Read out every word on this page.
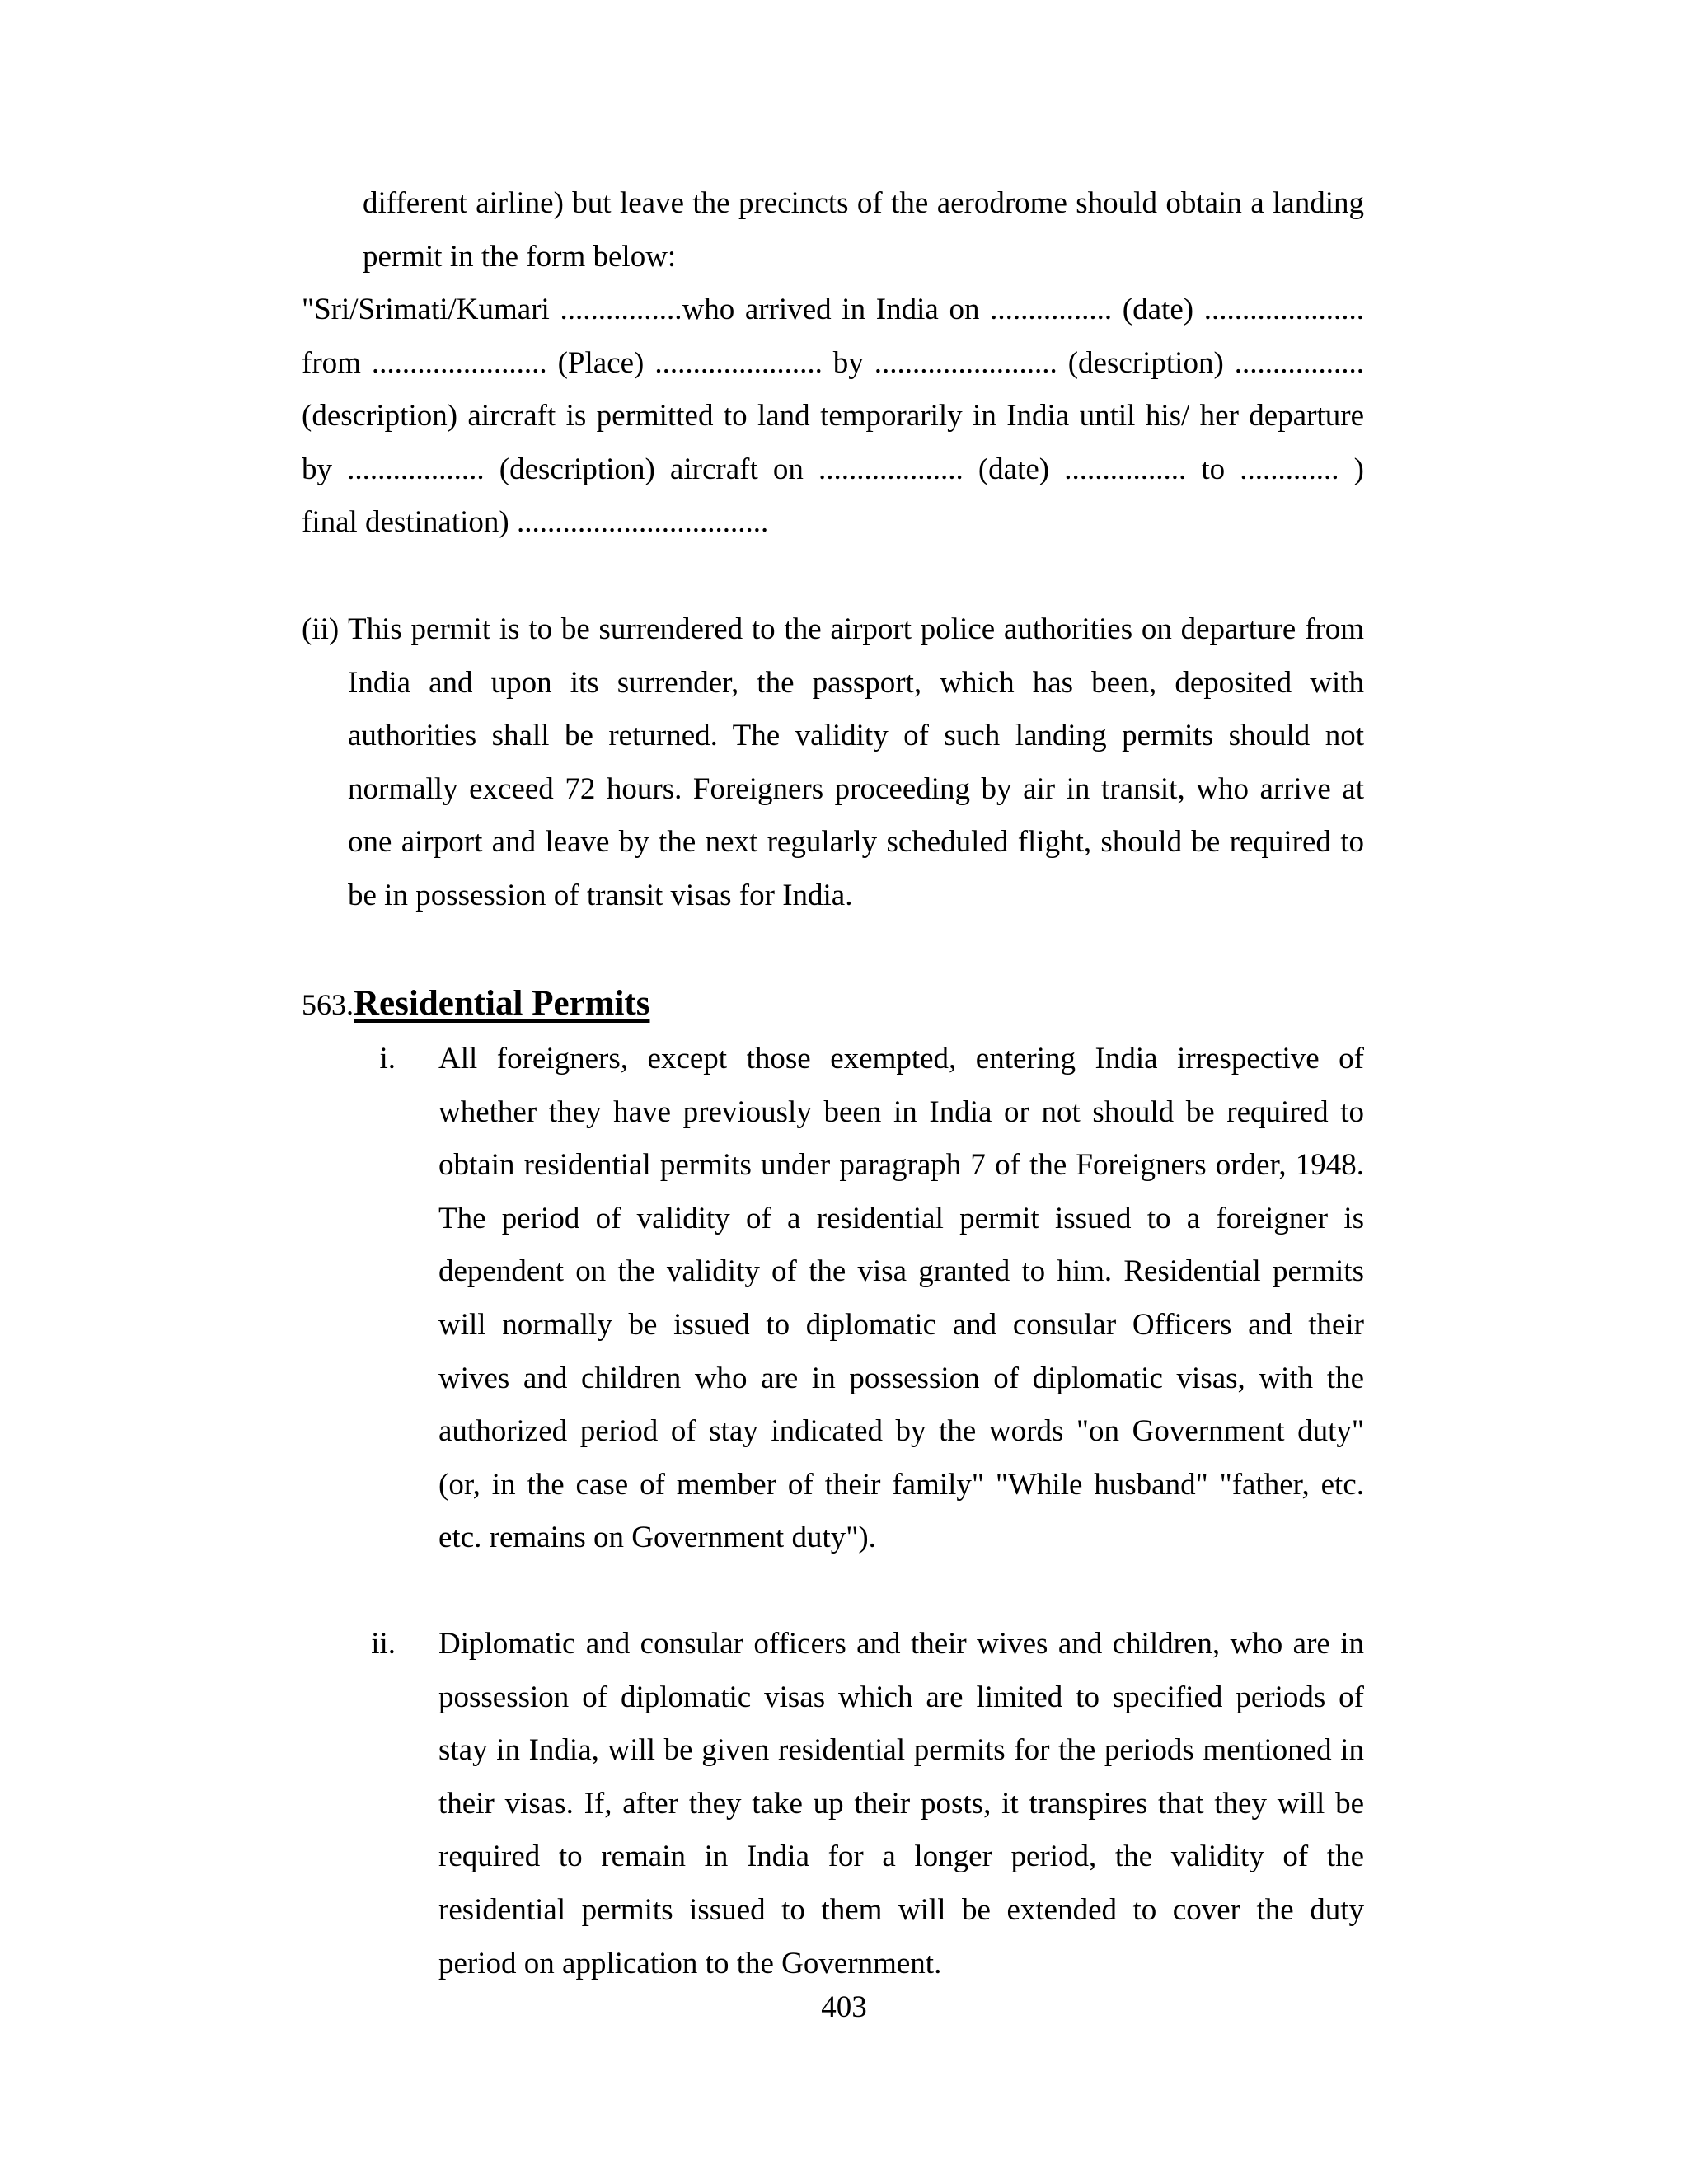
different airline) but leave the precincts of the aerodrome should obtain a landing
permit in the form below:
"Sri/Srimati/Kumari ................who arrived in India on ................ (date) .....................
from ....................... (Place) ...................... by ........................ (description) .................
(description) aircraft is permitted to land temporarily in India until his/ her departure
by .................. (description) aircraft on ................... (date) ................ to ............. )
final destination) .................................

(ii) This permit is to be surrendered to the airport police authorities on departure from
India and upon its surrender, the passport, which has been, deposited with
authorities shall be returned. The validity of such landing permits should not
normally exceed 72 hours. Foreigners proceeding by air in transit, who arrive at
one airport and leave by the next regularly scheduled flight, should be required to
be in possession of transit visas for India.
563.Residential Permits

i. All foreigners, except those exempted, entering India irrespective of
whether they have previously been in India or not should be required to
obtain residential permits under paragraph 7 of the Foreigners order, 1948.
The period of validity of a residential permit issued to a foreigner is
dependent on the validity of the visa granted to him. Residential permits
will normally be issued to diplomatic and consular Officers and their
wives and children who are in possession of diplomatic visas, with the
authorized period of stay indicated by the words "on Government duty"
(or, in the case of member of their family" "While husband" "father, etc.
etc. remains on Government duty").

ii. Diplomatic and consular officers and their wives and children, who are in
possession of diplomatic visas which are limited to specified periods of
stay in India, will be given residential permits for the periods mentioned in
their visas. If, after they take up their posts, it transpires that they will be
required to remain in India for a longer period, the validity of the
residential permits issued to them will be extended to cover the duty
period on application to the Government.

403
